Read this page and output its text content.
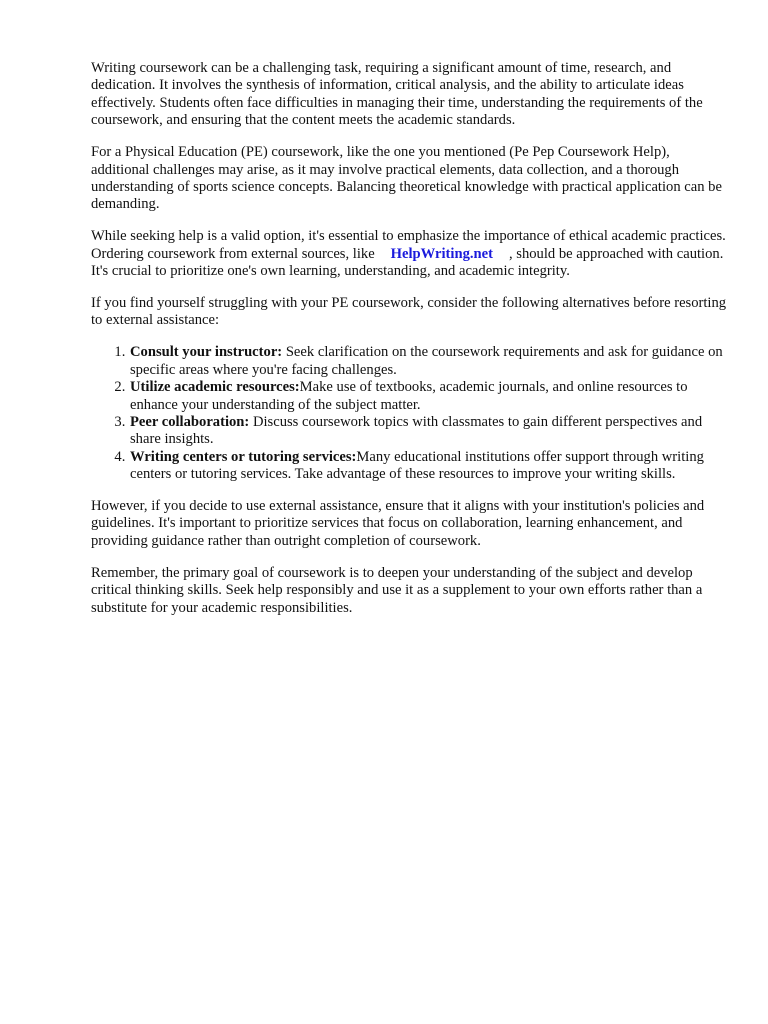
Writing coursework can be a challenging task, requiring a significant amount of time, research, and dedication. It involves the synthesis of information, critical analysis, and the ability to articulate ideas effectively. Students often face difficulties in managing their time, understanding the requirements of the coursework, and ensuring that the content meets the academic standards.

For a Physical Education (PE) coursework, like the one you mentioned (Pe Pep Coursework Help), additional challenges may arise, as it may involve practical elements, data collection, and a thorough understanding of sports science concepts. Balancing theoretical knowledge with practical application can be demanding.

While seeking help is a valid option, it's essential to emphasize the importance of ethical academic practices. Ordering coursework from external sources, like HelpWriting.net , should be approached with caution. It's crucial to prioritize one's own learning, understanding, and academic integrity.

If you find yourself struggling with your PE coursework, consider the following alternatives before resorting to external assistance:

1. Consult your instructor: Seek clarification on the coursework requirements and ask for guidance on specific areas where you're facing challenges.
2. Utilize academic resources:Make use of textbooks, academic journals, and online resources to enhance your understanding of the subject matter.
3. Peer collaboration: Discuss coursework topics with classmates to gain different perspectives and share insights.
4. Writing centers or tutoring services:Many educational institutions offer support through writing centers or tutoring services. Take advantage of these resources to improve your writing skills.

However, if you decide to use external assistance, ensure that it aligns with your institution's policies and guidelines. It's important to prioritize services that focus on collaboration, learning enhancement, and providing guidance rather than outright completion of coursework.

Remember, the primary goal of coursework is to deepen your understanding of the subject and develop critical thinking skills. Seek help responsibly and use it as a supplement to your own efforts rather than a substitute for your academic responsibilities.
